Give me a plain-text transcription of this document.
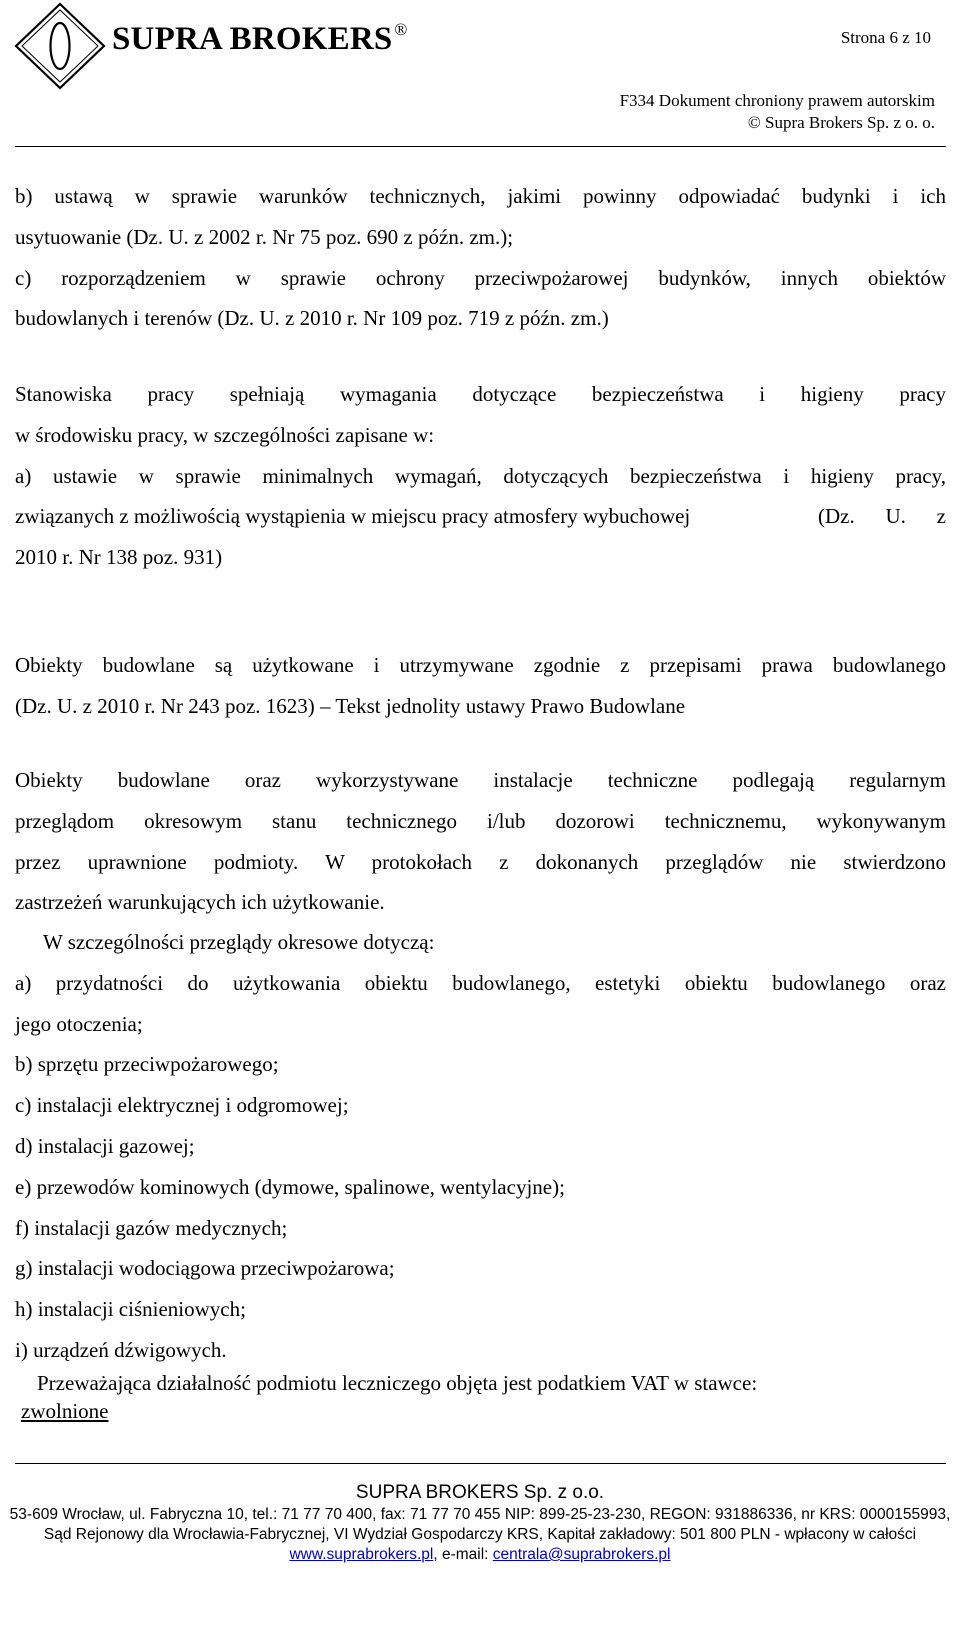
SUPRA BROKERS ®	Strona 6 z 10
F334 Dokument chroniony prawem autorskim
© Supra Brokers Sp. z o. o.
b) ustawą w sprawie warunków technicznych, jakimi powinny odpowiadać budynki i ich
usytuowanie (Dz. U. z 2002 r. Nr 75 poz. 690 z późn. zm.);
c) rozporządzeniem w sprawie ochrony przeciwpożarowej budynków, innych obiektów
budowlanych i terenów (Dz. U. z 2010 r. Nr 109 poz. 719 z późn. zm.)
Stanowiska pracy spełniają wymagania dotyczące bezpieczeństwa i higieny pracy
w środowisku pracy, w szczególności zapisane w:
a) ustawie w sprawie minimalnych wymagań, dotyczących bezpieczeństwa i higieny pracy,
związanych z możliwością wystąpienia w miejscu pracy atmosfery wybuchowej	(Dz. U. z
2010 r. Nr 138 poz. 931)
Obiekty budowlane są użytkowane i utrzymywane zgodnie z przepisami prawa budowlanego
(Dz. U. z 2010 r. Nr 243 poz. 1623) – Tekst jednolity ustawy Prawo Budowlane
Obiekty budowlane oraz wykorzystywane instalacje techniczne podlegają regularnym
przeglądom okresowym stanu technicznego i/lub dozorowi technicznemu, wykonywanym
przez uprawnione podmioty. W protokołach z dokonanych przeglądów nie stwierdzono
zastrzeżeń warunkujących ich użytkowanie.
W szczególności przeglądy okresowe dotyczą:
a) przydatności do użytkowania obiektu budowlanego, estetyki obiektu budowlanego oraz
jego otoczenia;
b) sprzętu przeciwpożarowego;
c) instalacji elektrycznej i odgromowej;
d) instalacji gazowej;
e) przewodów kominowych (dymowe, spalinowe, wentylacyjne);
f) instalacji gazów medycznych;
g) instalacji wodociągowa przeciwpożarowa;
h) instalacji ciśnieniowych;
i) urządzeń dźwigowych.
Przeważająca działalność podmiotu leczniczego objęta jest podatkiem VAT w stawce:
zwolnione
SUPRA BROKERS Sp. z o.o.
53-609 Wrocław, ul. Fabryczna 10, tel.: 71 77 70 400, fax: 71 77 70 455 NIP: 899-25-23-230, REGON: 931886336, nr KRS: 0000155993,
Sąd Rejonowy dla Wrocławia-Fabrycznej, VI Wydział Gospodarczy KRS, Kapitał zakładowy: 501 800 PLN - wpłacony w całości
www.suprabrokers.pl, e-mail: centrala@suprabrokers.pl
